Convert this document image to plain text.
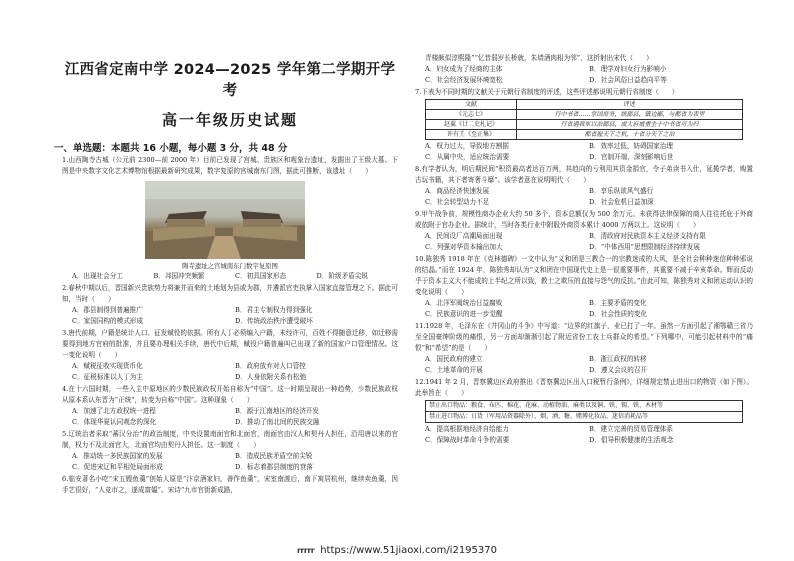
江西省定南中学 2024—2025 学年第二学期开学考
高一年级历史试题
一、单选题：本题共 16 小题，每小题 3 分，共 48 分
1.山西陶寺古城（公元前 2300—前 2000 年）目前已发现了宫城、贵族区和观象台遗址，发掘出了王级大墓。下图是中央数字文化艺术博物馆根据最新研究成果，数字复原的宫城南东门图，据此可推断，该遗址（　　）
陶寺遗址之宫城南东门数字复原图
A．出现社会分工	B．邦国冲突频繁	C．初具国家形态	D．阶级矛盾尖锐
2.春秋中期以后，晋国新兴贵族势力将兼并而来的土地划为县或为郡，并遴派官吏执掌入国家直接管理之下。据此可知，当时（　　）
A．郡县制得到普遍推广	B．君主专制权力得到强化
C．家国同构的模式形成	D．传统政治秩序遭受破坏
3.唐代前期，户籍是统计人口、征发赋役的依据。所有人丁必须编入户籍，未经许可，百姓不得随意迁移，如迁移需要得到地方官府的批准，并且要办理相关手续，唐代中后期，赋役户籍普遍叫已出现了新的国家户口管理情况。这一变化说明（　　）
A．赋税征收实现货币化	B．政府放弃对人口管控
C．征税标准以人丁为主	D．人身依附关系有松弛
4.在十六国时期，一些入主中原地区的少数民族政权开始自称为“中国”。这一时期呈现出一种趋势，少数民族政权从原本系认东晋为“正统”，转变为自称“中国”。这种现象（　　）
A．加速了北方政权统一进程	B．源于江南地区的经济开发
C．体现华夏认同观念的深化	D．推动了南北间的民族交融
5.辽统治者采取“蕃汉分治”的政治制度，中央设置南面官和北面官，南面官由汉人和契丹人担任，沿用唐以来的官制，权力不及北面官大，北面官均由契丹人担任。这一制度（　　）
A．推动统一多民族国家的发展	B．造成民族矛盾空前尖锐
C．促进宋辽和平相处局面形成	D．标志着郡县制度的衰落
6.临安著名小吃“宋五嫂鱼羹”创始人原是“汴京酒家妇，善作鱼羹”，宋室南渡后，南下寓居杭州，继续卖鱼羹，因手艺很好，“人竞市之，遂成富媪”。宋诗“九市官街新成路，
青楼颇似淳熙隆”“忆昔弱岁长桥就，朱墙酒肉相为邻”，这折射出宋代（　　）
A．妇女成为了经商的主体	B．理学对妇女行为影响小
C．社会经济发展环境宽松	D．社会风俗日益趋向平等
7.下表为不同时期的文献关于元朝行省制度的评述，这些评述都说明元朝行省制度（　　）
文献	评述
《元志七》	行中书省……掌国庶务，统郡县，镇边鄙，与都省为表里
赵翼《廿二史札记》	行省遇我军以治郡县，成大府威重坐于中书省可为归
许有壬《至正集》	都省握天下之机，十省分天下之治
A．权力过大，导致地方割据	B．效率过低，妨碍国家治理
C．从属中央，适应统治需要	D．官制开端，深刻影响后世
8.有学者认为，明后期民间“积资最高者达百万两，其趋向的亏利用其资金捐官，令子弟读书入仕，延揽学者，购置古玩书籍，其下者寄奢斗靡”。该学者意在说明明代（　　）
A．商品经济快速发展	B．享乐纵欲风气盛行
C．社会转型动力不足	D．社会危机日益加深
9.甲午战争前，规模性商办企业大约 50 多个，资本总额仅为 500 余万元。未获得法律保障的商人往往托庇于外商或依附于官办企业。据统计，当时各类行业中附股外商资本累计 4000 万两以上。这说明（　　）
A．民间设厂高潮局面出现	B．清政府对民族资本主义经济支持有限
C．列强对华资本输出加大	D．“中体西用”思想限制经济持续发展
10.陈独秀 1918 年在《克林德碑》一文中认为“义和团是三教合一的宗教迷成的大风，是全社会种种迷信种种邪说的结晶。”而在 1924 年，陈独秀却认为“义和团在中国现代史上是一很重要事件，其重要不减于辛亥革命。辉而反动乎于资本主义大不能成的上半纪之所以致，教士之欺压的直接与怨气的反抗。”由此可知，陈独秀对义和团运动认识的变化说明（　　）
A．北洋军阀统治日益腐败	B．主要矛盾的变化
C．民族意识的进一步觉醒	D．社会性质的变化
11.1928 年，毛泽东在《井冈山的斗争》中写道：“边界的红旗子，业已打了一年。虽然一方面引起了湘鄂赣三省乃至全国豪绅阶级的痛恨，另一方面却渐渐引起了附近省份工农士兵群众的希望。”下列哪中，可能引起材料中的“痛恨”和“希望”的是（　　）
A．国民政府的建立	B．浙江政权的转移
C．土地革命的开展	D．遵义会议的召开
12.1941 年 2 月，晋察冀边区政府推出《晋察冀边区出入口税暂行条例》，详细规定禁止进出口的物资（如下图）。此举旨在（　　）
禁止出口物品：粮食、布匹、棉花、花麻、动植物油、麻类以及铜、铁、锡、铁、木材等
禁止进口物品：日货（军用品资器除外）、烟、酒、糖、赌博化妆品、迷信消耗品等
A．提高根据地经济自给能力	B．建立完善的贸易管理体系
C．保障战时革命斗争的需要	D．倡导积极健康的生活观念
rrrrr https://www.51jiaoxi.com/i2195370
